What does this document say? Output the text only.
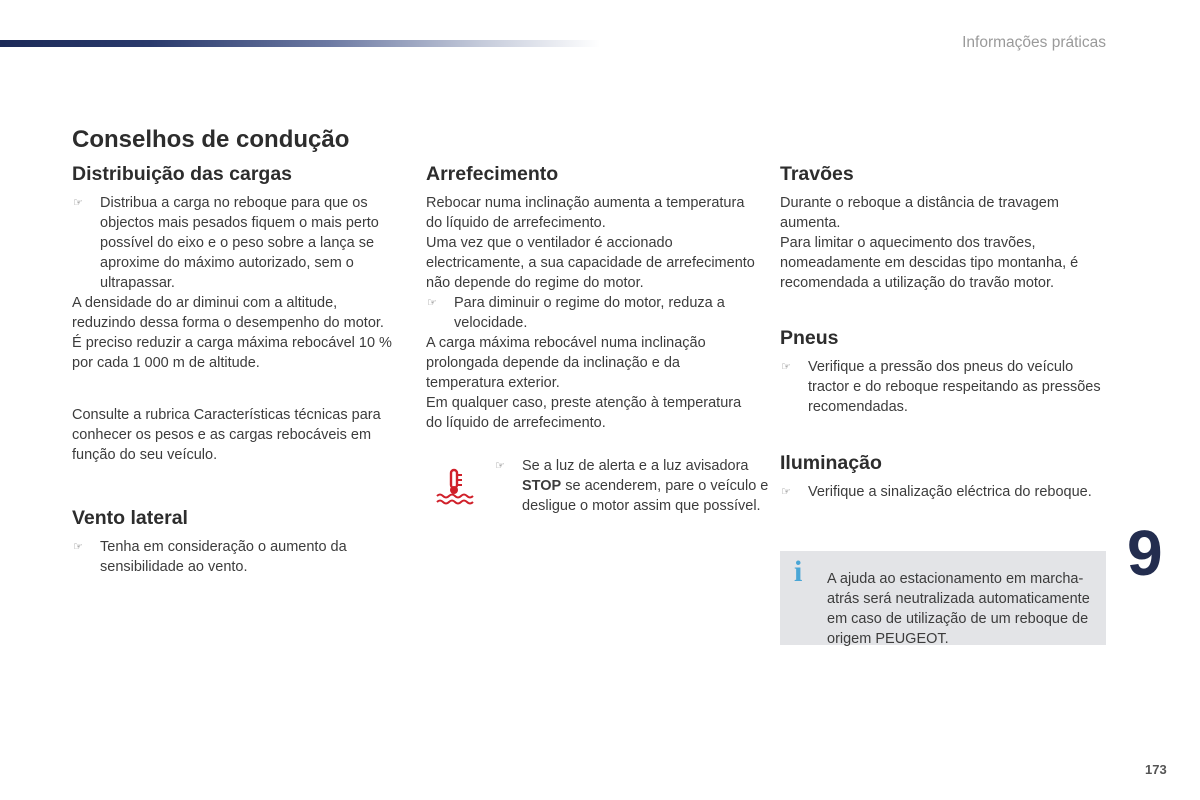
Informações práticas
Conselhos de condução
Distribuição das cargas

☞ Distribua a carga no reboque para que os objectos mais pesados fiquem o mais perto possível do eixo e o peso sobre a lança se aproxime do máximo autorizado, sem o ultrapassar.

A densidade do ar diminui com a altitude, reduzindo dessa forma o desempenho do motor. É preciso reduzir a carga máxima rebocável 10 % por cada 1 000 m de altitude.

Consulte a rubrica Características técnicas para conhecer os pesos e as cargas rebocáveis em função do seu veículo.

Vento lateral

☞ Tenha em consideração o aumento da sensibilidade ao vento.

Arrefecimento

Rebocar numa inclinação aumenta a temperatura do líquido de arrefecimento.

Uma vez que o ventilador é accionado electricamente, a sua capacidade de arrefecimento não depende do regime do motor.

☞ Para diminuir o regime do motor, reduza a velocidade.

A carga máxima rebocável numa inclinação prolongada depende da inclinação e da temperatura exterior.

Em qualquer caso, preste atenção à temperatura do líquido de arrefecimento.

☞ Se a luz de alerta e a luz avisadora STOP se acenderem, pare o veículo e desligue o motor assim que possível.

Travões

Durante o reboque a distância de travagem aumenta.

Para limitar o aquecimento dos travões, nomeadamente em descidas tipo montanha, é recomendada a utilização do travão motor.

Pneus

☞ Verifique a pressão dos pneus do veículo tractor e do reboque respeitando as pressões recomendadas.

Iluminação

☞ Verifique a sinalização eléctrica do reboque.

i A ajuda ao estacionamento em marcha-atrás será neutralizada automaticamente em caso de utilização de um reboque de origem PEUGEOT.

9
173
